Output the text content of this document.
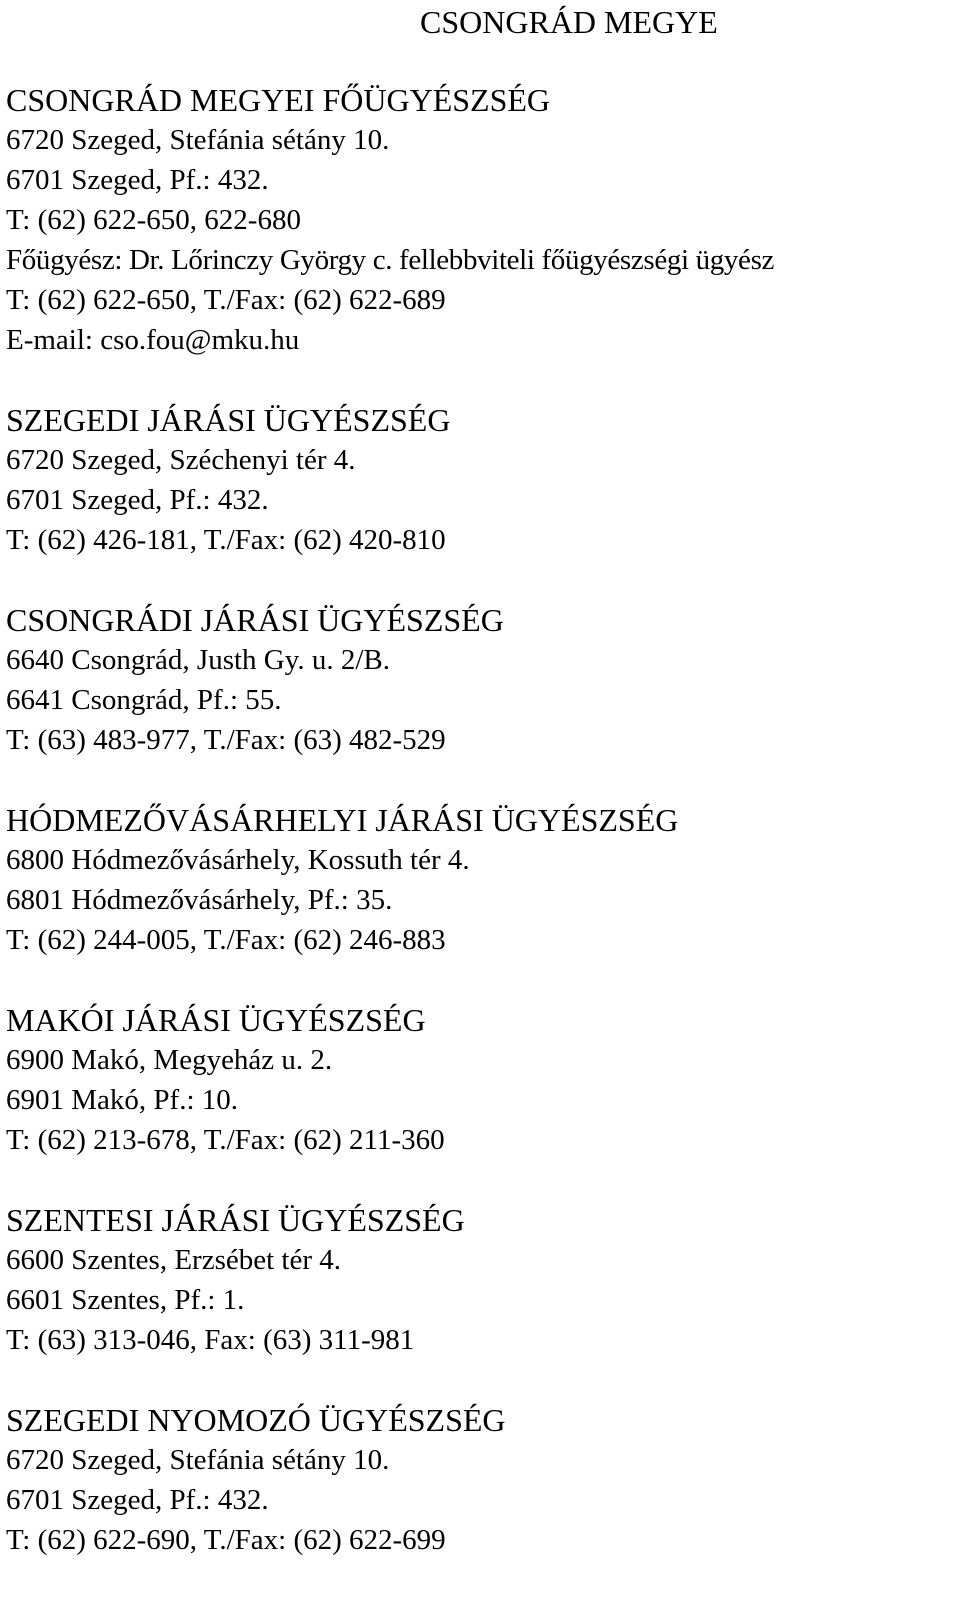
CSONGRÁD MEGYE
CSONGRÁD MEGYEI FŐÜGYÉSZSÉG

6720 Szeged, Stefánia sétány 10.

6701 Szeged, Pf.: 432.

T: (62) 622-650, 622-680

Főügyész: Dr. Lőrinczy György c. fellebbviteli főügyészségi ügyész

T: (62) 622-650, T./Fax: (62) 622-689

E-mail: cso.fou@mku.hu

SZEGEDI JÁRÁSI ÜGYÉSZSÉG

6720 Szeged, Széchenyi tér 4.

6701 Szeged, Pf.: 432.

T: (62) 426-181, T./Fax: (62) 420-810

CSONGRÁDI JÁRÁSI ÜGYÉSZSÉG

6640 Csongrád, Justh Gy. u. 2/B.

6641 Csongrád, Pf.: 55.

T: (63) 483-977, T./Fax: (63) 482-529

HÓDMEZŐVÁSÁRHELYI JÁRÁSI ÜGYÉSZSÉG

6800 Hódmezővásárhely, Kossuth tér 4.

6801 Hódmezővásárhely, Pf.: 35.

T: (62) 244-005, T./Fax: (62) 246-883

MAKÓI JÁRÁSI ÜGYÉSZSÉG

6900 Makó, Megyeház u. 2.

6901 Makó, Pf.: 10.

T: (62) 213-678, T./Fax: (62) 211-360

SZENTESI JÁRÁSI ÜGYÉSZSÉG

6600 Szentes, Erzsébet tér 4.

6601 Szentes, Pf.: 1.

T: (63) 313-046, Fax: (63) 311-981

SZEGEDI NYOMOZÓ ÜGYÉSZSÉG

6720 Szeged, Stefánia sétány 10.

6701 Szeged, Pf.: 432.

T: (62) 622-690, T./Fax: (62) 622-699
